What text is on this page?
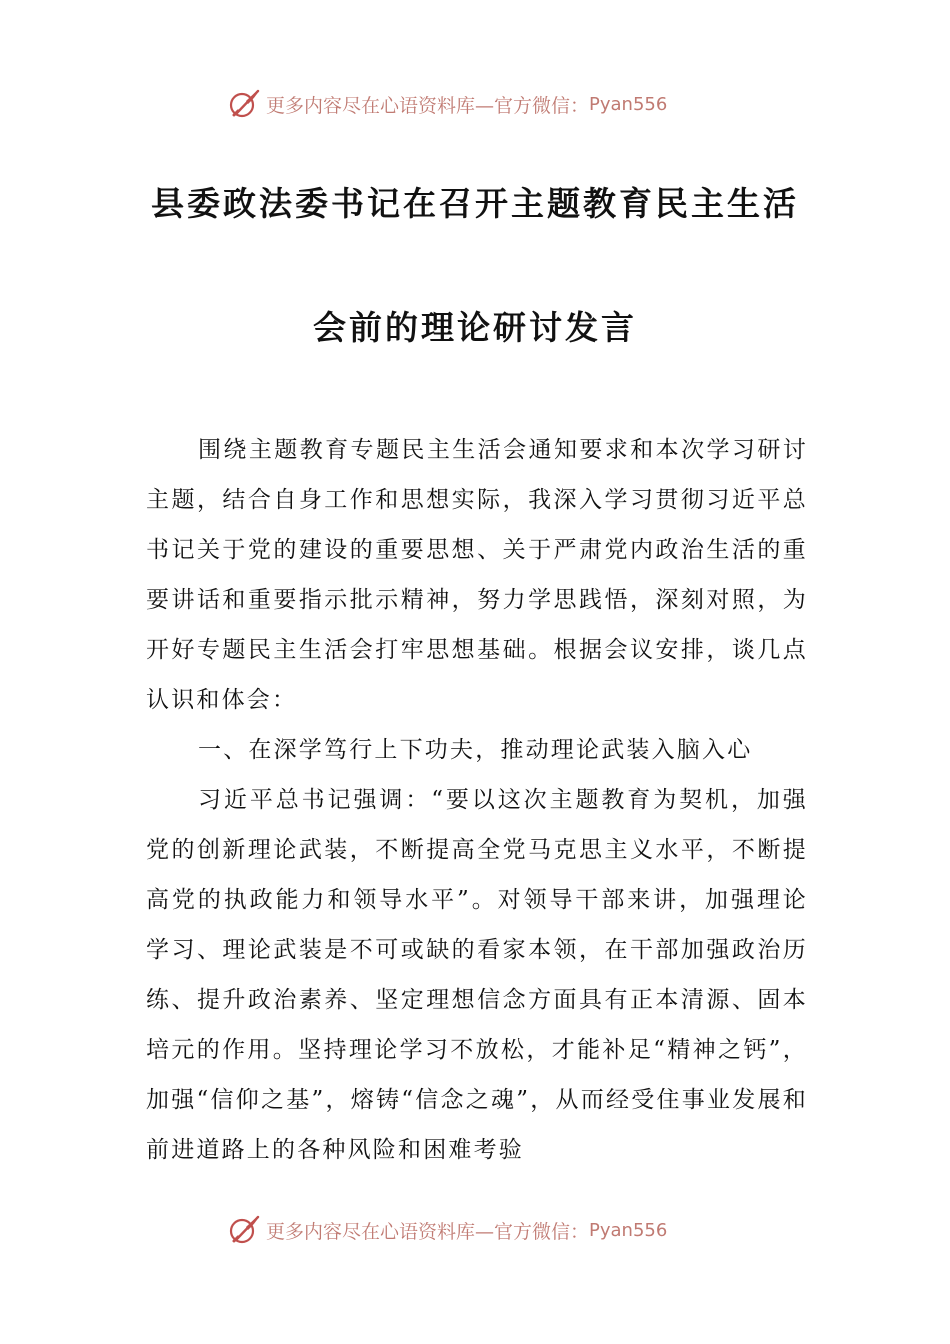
更多内容尽在心语资料库—官方微信： Pyan556
县委政法委书记在召开主题教育民主生活
会前的理论研讨发言

围绕主题教育专题民主生活会通知要求和本次学习研讨主题，结合自身工作和思想实际，我深入学习贯彻习近平总书记关于党的建设的重要思想、关于严肃党内政治生活的重要讲话和重要指示批示精神，努力学思践悟，深刻对照，为开好专题民主生活会打牢思想基础。根据会议安排，谈几点认识和体会：

一、在深学笃行上下功夫，推动理论武装入脑入心

习近平总书记强调：“要以这次主题教育为契机，加强党的创新理论武装，不断提高全党马克思主义水平，不断提高党的执政能力和领导水平”。对领导干部来讲，加强理论学习、理论武装是不可或缺的看家本领，在干部加强政治历练、提升政治素养、坚定理想信念方面具有正本清源、固本培元的作用。坚持理论学习不放松，才能补足“精神之钙”，加强“信仰之基”，熔铸“信念之魂”，从而经受住事业发展和前进道路上的各种风险和困难考验

更多内容尽在心语资料库—官方微信： Pyan556
